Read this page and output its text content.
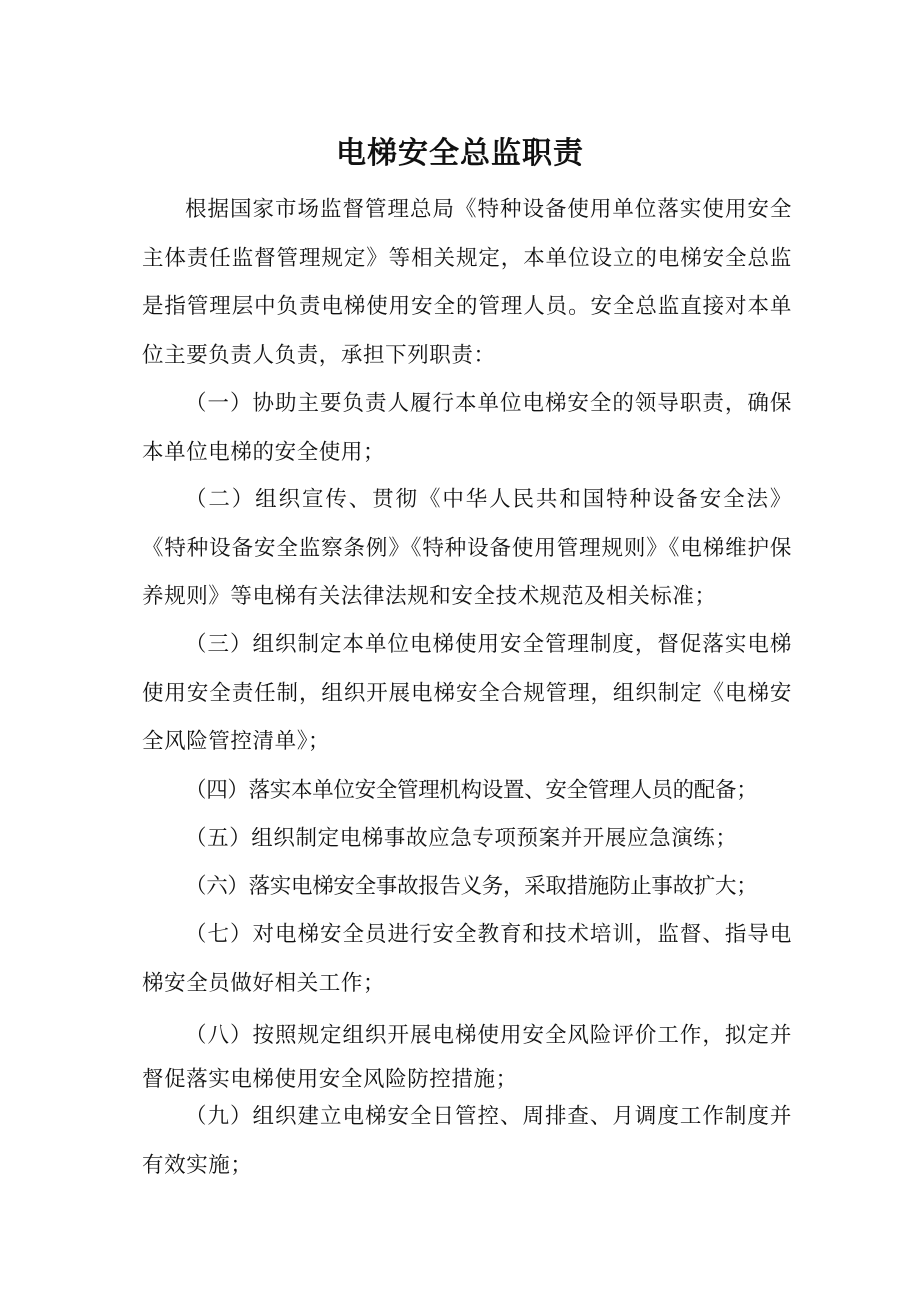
电梯安全总监职责

根据国家市场监督管理总局《特种设备使用单位落实使用安全主体责任监督管理规定》等相关规定，本单位设立的电梯安全总监是指管理层中负责电梯使用安全的管理人员。安全总监直接对本单位主要负责人负责，承担下列职责：

（一）协助主要负责人履行本单位电梯安全的领导职责，确保本单位电梯的安全使用；

（二）组织宣传、贯彻《中华人民共和国特种设备安全法》《特种设备安全监察条例》《特种设备使用管理规则》《电梯维护保养规则》等电梯有关法律法规和安全技术规范及相关标准；

（三）组织制定本单位电梯使用安全管理制度，督促落实电梯使用安全责任制，组织开展电梯安全合规管理，组织制定《电梯安全风险管控清单》；

（四）落实本单位安全管理机构设置、安全管理人员的配备；

（五）组织制定电梯事故应急专项预案并开展应急演练；

（六）落实电梯安全事故报告义务，采取措施防止事故扩大；

（七）对电梯安全员进行安全教育和技术培训，监督、指导电梯安全员做好相关工作；

（八）按照规定组织开展电梯使用安全风险评价工作，拟定并督促落实电梯使用安全风险防控措施；

（九）组织建立电梯安全日管控、周排查、月调度工作制度并有效实施；
